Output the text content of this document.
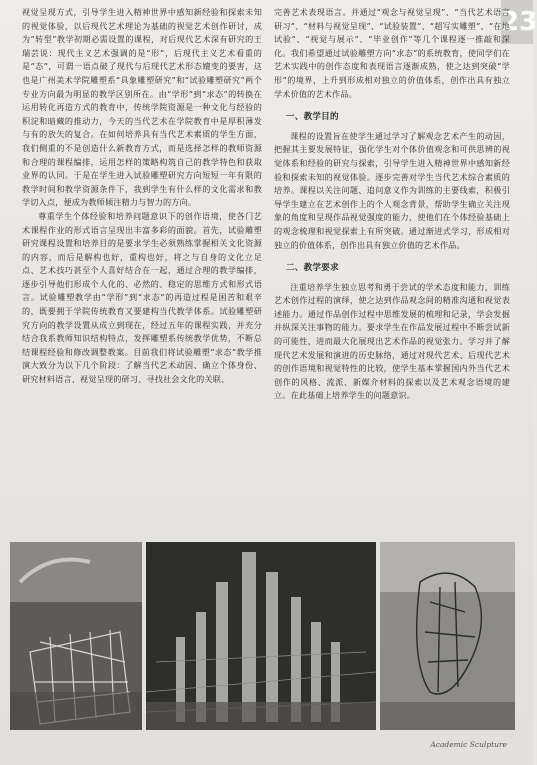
23

视觉呈现方式，引导学生进入精神世界中感知新经验和探索未知的视觉体验，以后现代艺术理论为基础的视觉艺术创作研讨，成为“转型”教学初期必需设置的课程，对后现代艺术深有研究的王瑞芸说：现代主义艺术强调的是“形”，后现代主义艺术看重的是“态”，可谓一语点破了现代与后现代艺术形态嬗变的要害，这也是广州美术学院雕塑系“具象雕塑研究”和“试验雕塑研究”两个专业方向最为明显的教学区别所在。由“学形”到“求态”的转换在运用转化再造方式的教育中，传统学院资源是一种文化与经验的积淀和暗藏的推动力，今天的当代艺术在学院教育中是厚积薄发与有的放矢的复合。在如何培养具有当代艺术素质的学生方面，我们侧重的不是创造什么新教育方式，而是选择怎样的教师资源和合理的课程编排，运用怎样的策略构筑自己的教学特色和获取业界的认同。于是在学生进入试验雕塑研究方向短短一年有限的教学时间和教学资源条件下，我到学生有什么样的文化需求和教学切入点，便成为教师倾注精力与智力的方向。

尊重学生个体经验和培养问题意识下的创作语境，使各门艺术课程作业的形式语言呈现出丰富多彩的面貌。首先，试验雕塑研究课程设置和培养目的是要求学生必须熟练掌握相关文化资源的内容，而后是解构也好，重构也好，将之与自身的文化立足点、艺术技巧甚至个人喜好结合在一起，通过合理的教学编排，逐步引导他们形成个人化的、必然的、稳定的思维方式和形式语言。试验雕塑教学由“学形”到“求态”的再造过程是困苦和艰辛的，既要拥于学院传统教育又要建构当代教学体系。试验雕塑研究方向的教学设置从成立到现在，经过五年的课程实践，并充分结合我系教师知识结构特点，发挥雕塑系传统教学优势，不断总结课程经验和修改调整教案。目前我们将试验雕塑“求态”教学推演大致分为以下几个阶段：了解当代艺术动因、确立个体身份、研究材料语言、视觉呈现的研习、寻找社会文化的关联、

完善艺术表现语言。并通过“观念与视觉呈现”、“当代艺术语言研习”、“材料与视觉呈现”、“试验装置”、“超写实雕塑”、“在地试验”、“视觉与展示”、“毕业创作”等几个课程逐一推敲和深化。我们希望通过试验雕塑方向“求态”的系统教育，使同学们在艺术实践中的创作态度和表现语言逐渐成熟，使之达到突破“学形”的境界，上升到形成相对独立的价值体系，创作出具有独立学术价值的艺术作品。

一、教学目的

课程的设置旨在使学生通过学习了解观念艺术产生的动因，把握其主要发展特征，强化学生对个体价值观念和可供思辨的视觉体系和经验的研究与探索，引导学生进入精神世界中感知新经验和探索未知的视觉体验。逐步完善对学生当代艺术综合素质的培养。课程以关注问题、追问意义作为训练的主要线索，积极引导学生建立在艺术创作上的个人观念背景，帮助学生确立关注现象的角度和呈现作品视觉强度的能力，使他们在个体经验基础上的观念梳理和视觉探索上有所突破。通过渐进式学习，形成相对独立的价值体系，创作出具有独立价值的艺术作品。

二、教学要求

注重培养学生独立思考和勇于尝试的学术态度和能力，训练艺术创作过程的演绎，使之达到作品观念间的精准沟通和视觉表述能力。通过作品创作过程中思维发展的梳理和记录，学会发掘并纵深关注事物的能力。要求学生在作品发展过程中不断尝试新的可能性，进而最大化展现出艺术作品的视觉张力。学习并了解现代艺术发展和演进的历史脉络，通过对现代艺术、后现代艺术的创作语境和视觉特性的比较，使学生基本掌握国内外当代艺术创作的风格、流派、新媒介材料的探索以及艺术观念语境的建立。在此基础上培养学生的问题意识。

Academic Sculpture
